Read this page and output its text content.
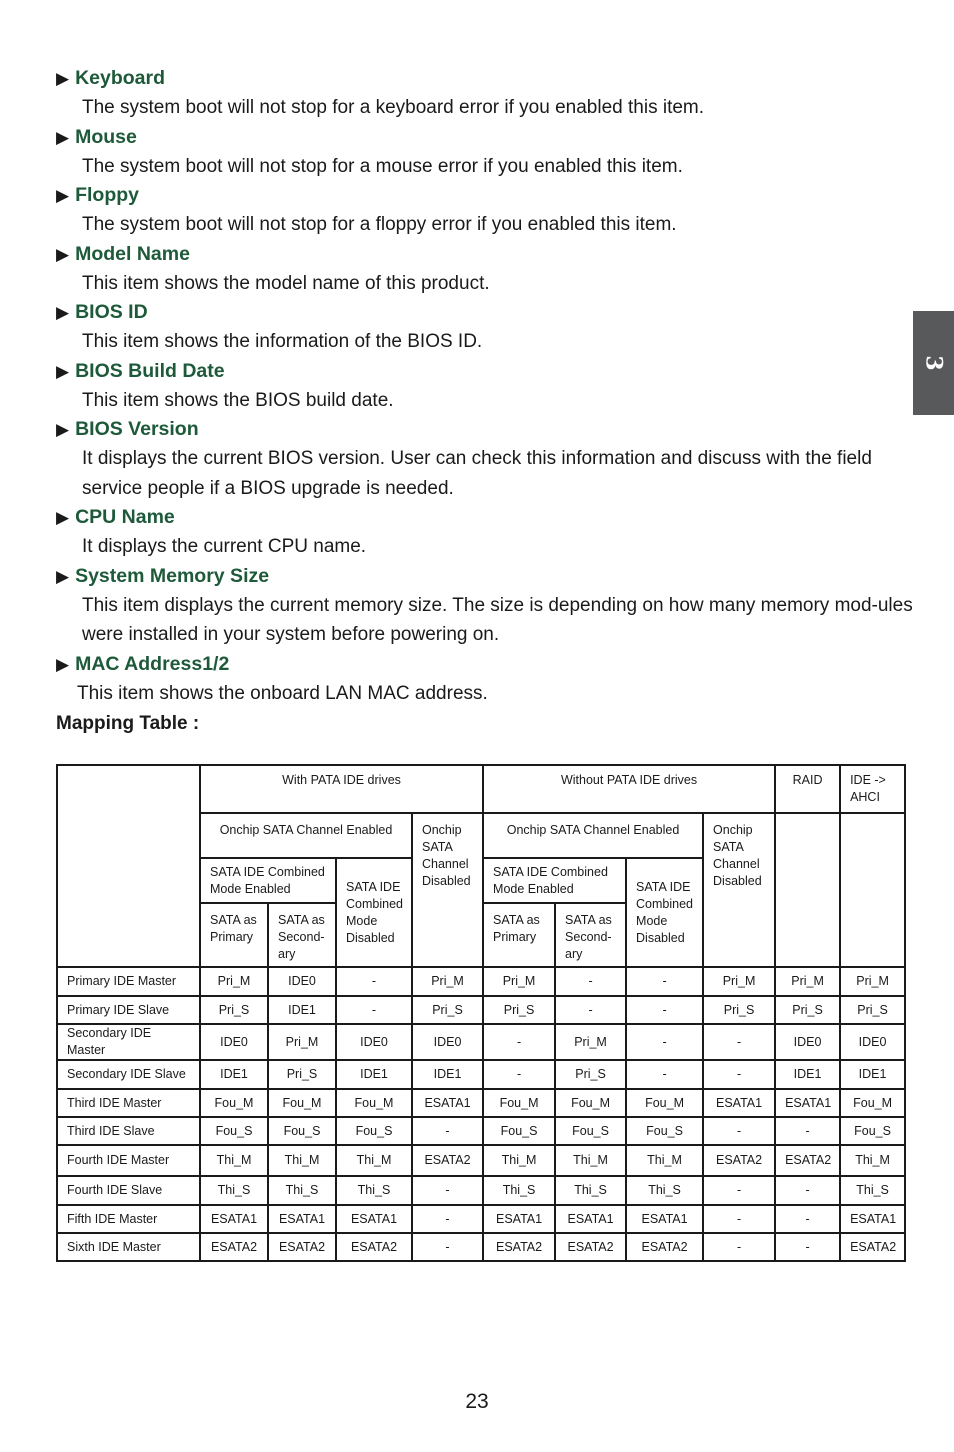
3

▶ Keyboard

The system boot will not stop for a keyboard error if you enabled this item.

▶ Mouse

The system boot will not stop for a mouse error if you enabled this item.

▶ Floppy

The system boot will not stop for a floppy error if you enabled this item.

▶ Model Name

This item shows the model name of this product.

▶ BIOS ID

This item shows the information of the BIOS ID.

▶ BIOS Build Date

This item shows the BIOS build date.

▶ BIOS Version

It displays the current BIOS version. User can check this information and discuss with the field service people if a BIOS upgrade is needed.

▶ CPU Name

It displays the current CPU name.

▶ System Memory Size

This item displays the current memory size. The size is depending on how many memory mod-ules were installed in your system before powering on.

▶ MAC Address1/2

This item shows the onboard LAN MAC address.

Mapping Table :
	With PATA IDE drives				Without PATA IDE drives				RAID	IDE -> AHCI
	Onchip SATA Channel Enabled			Onchip SATA Channel Disabled	Onchip SATA Channel Enabled			Onchip SATA Channel Disabled		
	SATA IDE Combined Mode Enabled		SATA IDE Combined Mode Disabled		SATA IDE Combined Mode Enabled		SATA IDE Combined Mode Disabled			
	SATA as Primary	SATA as Second-ary			SATA as Primary	SATA as Second-ary				
Primary IDE Master	Pri_M	IDE0	-	Pri_M	Pri_M	-	-	Pri_M	Pri_M	Pri_M
Primary IDE Slave	Pri_S	IDE1	-	Pri_S	Pri_S	-	-	Pri_S	Pri_S	Pri_S
Secondary IDE Master	IDE0	Pri_M	IDE0	IDE0	-	Pri_M	-	-	IDE0	IDE0
Secondary IDE Slave	IDE1	Pri_S	IDE1	IDE1	-	Pri_S	-	-	IDE1	IDE1
Third IDE Master	Fou_M	Fou_M	Fou_M	ESATA1	Fou_M	Fou_M	Fou_M	ESATA1	ESATA1	Fou_M
Third IDE Slave	Fou_S	Fou_S	Fou_S	-	Fou_S	Fou_S	Fou_S	-	-	Fou_S
Fourth IDE Master	Thi_M	Thi_M	Thi_M	ESATA2	Thi_M	Thi_M	Thi_M	ESATA2	ESATA2	Thi_M
Fourth IDE Slave	Thi_S	Thi_S	Thi_S	-	Thi_S	Thi_S	Thi_S	-	-	Thi_S
Fifth IDE Master	ESATA1	ESATA1	ESATA1	-	ESATA1	ESATA1	ESATA1	-	-	ESATA1
Sixth IDE Master	ESATA2	ESATA2	ESATA2	-	ESATA2	ESATA2	ESATA2	-	-	ESATA2
23
